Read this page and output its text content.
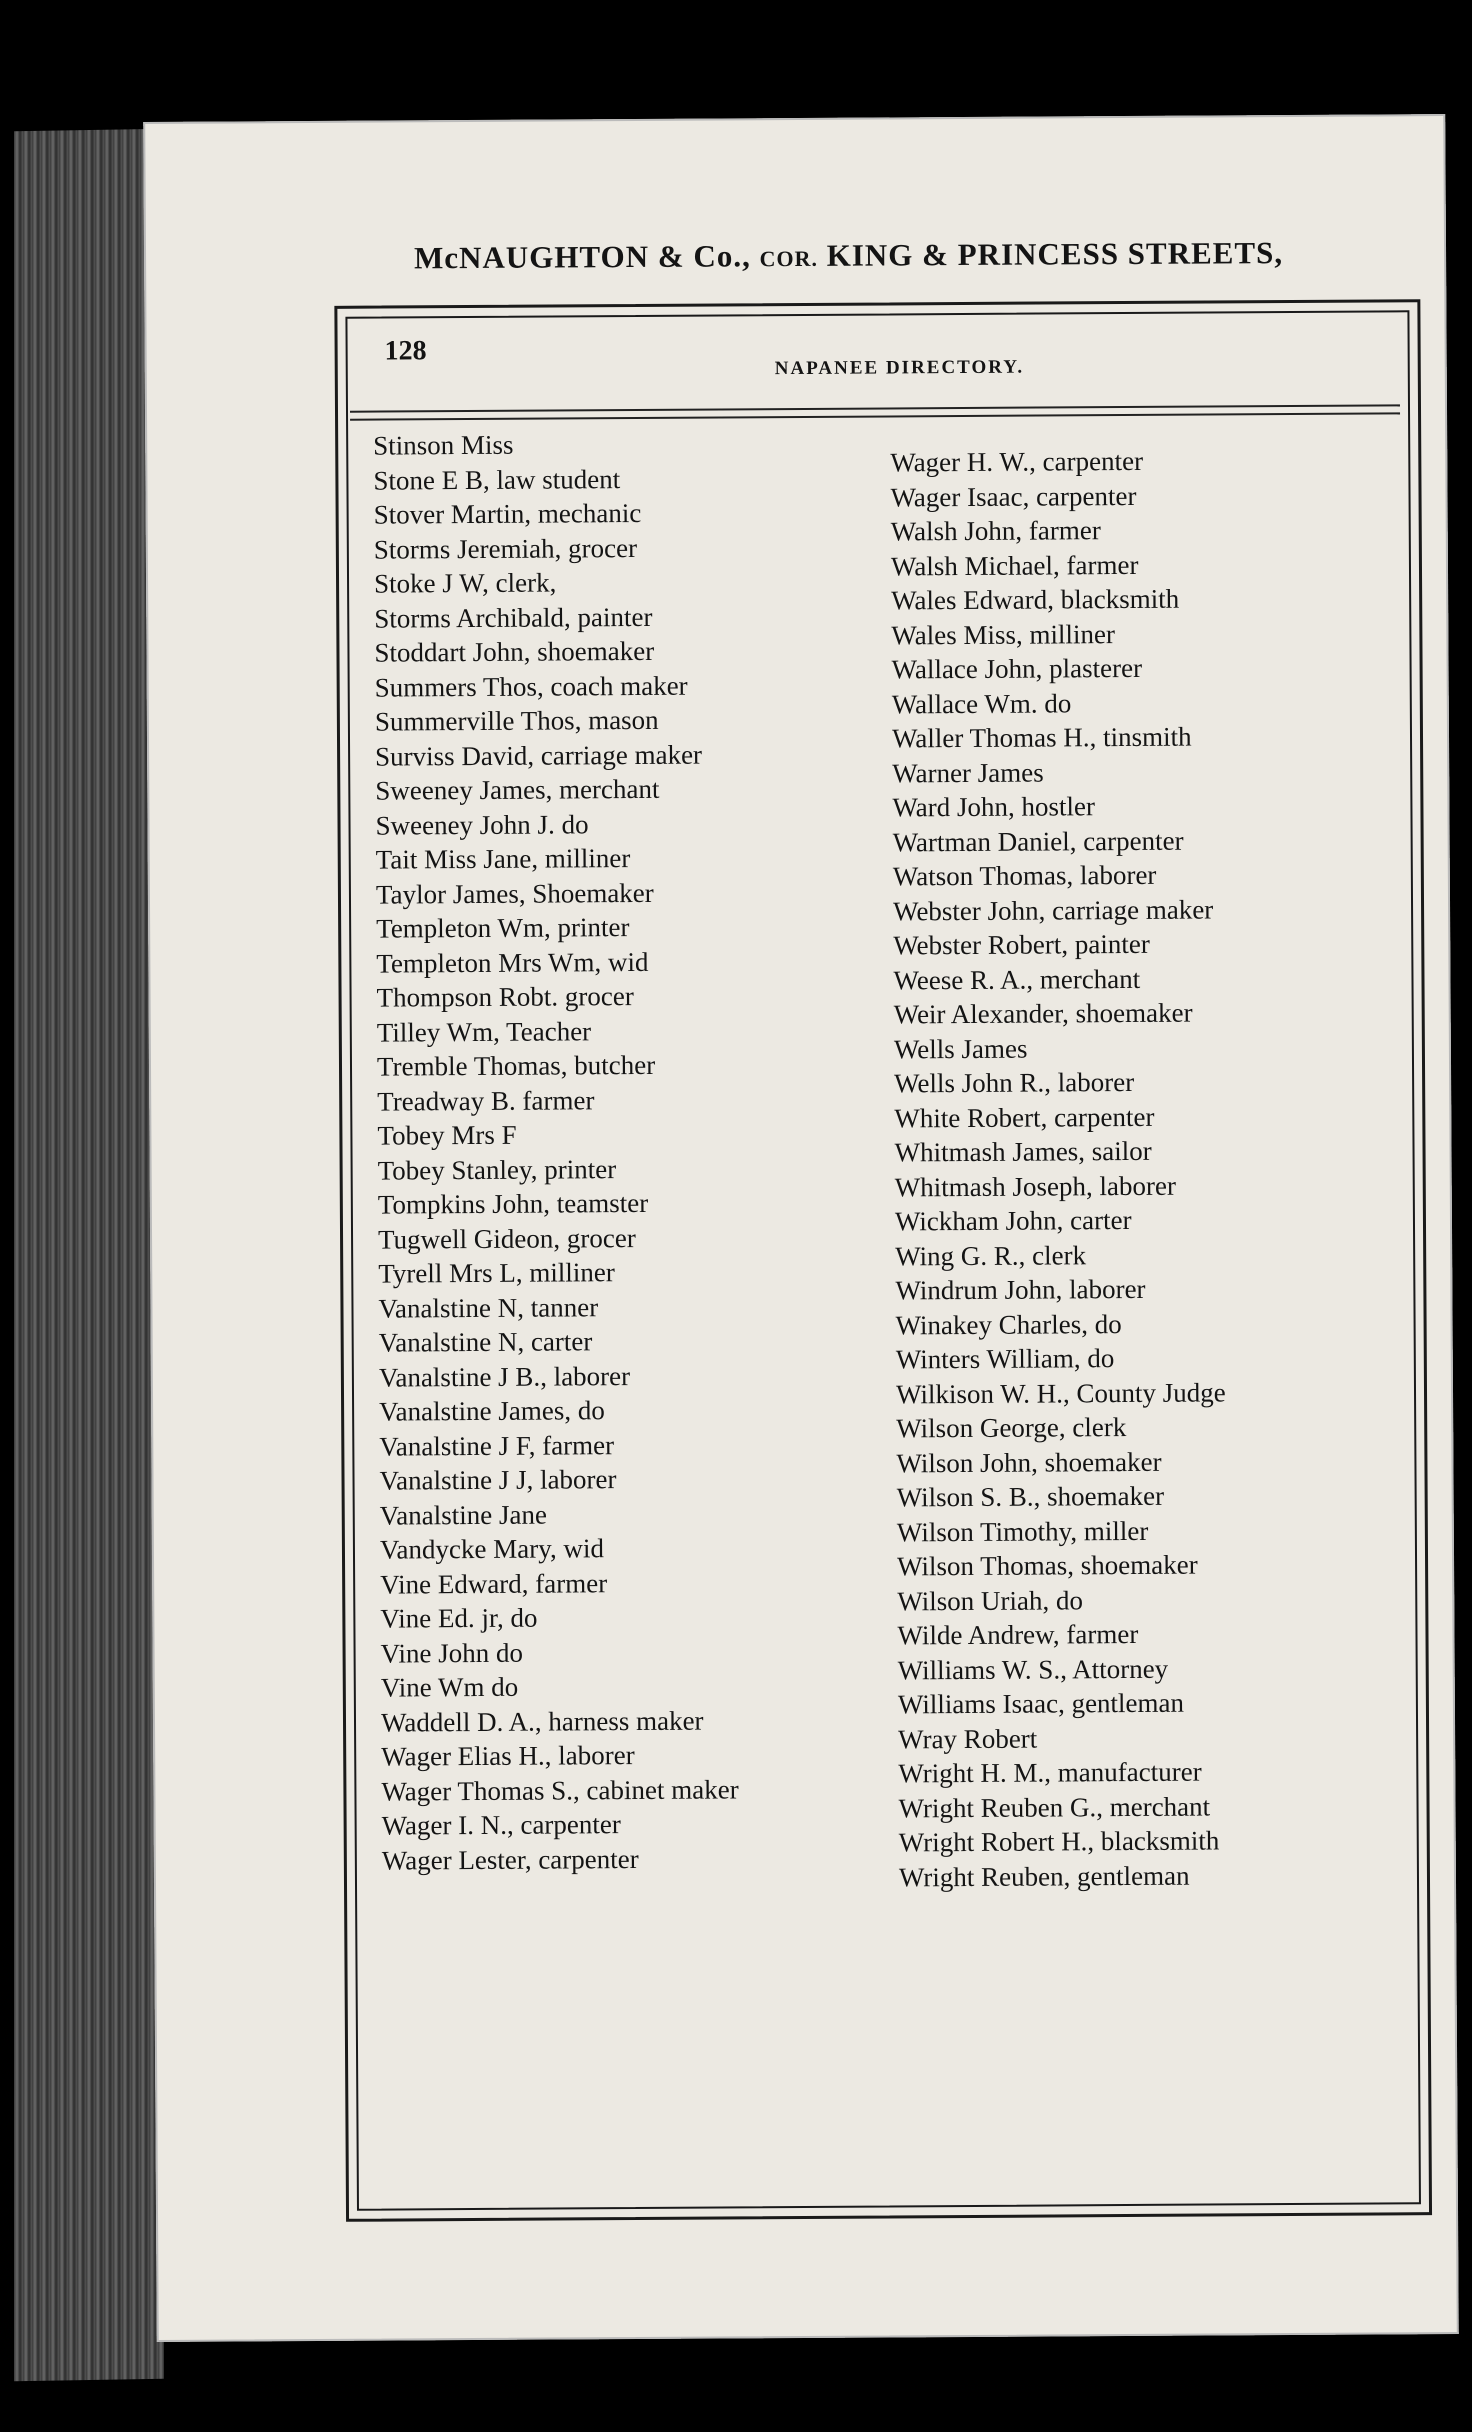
McNAUGHTON & Co., COR. KING & PRINCESS STREETS,
128
NAPANEE DIRECTORY.
Stinson Miss
Stone E B, law student
Stover Martin, mechanic
Storms Jeremiah, grocer
Stoke J W, clerk,
Storms Archibald, painter
Stoddart John, shoemaker
Summers Thos, coach maker
Summerville Thos, mason
Surviss David, carriage maker
Sweeney James, merchant
Sweeney John J. do
Tait Miss Jane, milliner
Taylor James, Shoemaker
Templeton Wm, printer
Templeton Mrs Wm, wid
Thompson Robt. grocer
Tilley Wm, Teacher
Tremble Thomas, butcher
Treadway B. farmer
Tobey Mrs F
Tobey Stanley, printer
Tompkins John, teamster
Tugwell Gideon, grocer
Tyrell Mrs L, milliner
Vanalstine N, tanner
Vanalstine N, carter
Vanalstine J B., laborer
Vanalstine James, do
Vanalstine J F, farmer
Vanalstine J J, laborer
Vanalstine Jane
Vandycke Mary, wid
Vine Edward, farmer
Vine Ed. jr, do
Vine John do
Vine Wm do
Waddell D. A., harness maker
Wager Elias H., laborer
Wager Thomas S., cabinet maker
Wager I. N., carpenter
Wager Lester, carpenter
Wager H. W., carpenter
Wager Isaac, carpenter
Walsh John, farmer
Walsh Michael, farmer
Wales Edward, blacksmith
Wales Miss, milliner
Wallace John, plasterer
Wallace Wm. do
Waller Thomas H., tinsmith
Warner James
Ward John, hostler
Wartman Daniel, carpenter
Watson Thomas, laborer
Webster John, carriage maker
Webster Robert, painter
Weese R. A., merchant
Weir Alexander, shoemaker
Wells James
Wells John R., laborer
White Robert, carpenter
Whitmash James, sailor
Whitmash Joseph, laborer
Wickham John, carter
Wing G. R., clerk
Windrum John, laborer
Winakey Charles, do
Winters William, do
Wilkison W. H., County Judge
Wilson George, clerk
Wilson John, shoemaker
Wilson S. B., shoemaker
Wilson Timothy, miller
Wilson Thomas, shoemaker
Wilson Uriah, do
Wilde Andrew, farmer
Williams W. S., Attorney
Williams Isaac, gentleman
Wray Robert
Wright H. M., manufacturer
Wright Reuben G., merchant
Wright Robert H., blacksmith
Wright Reuben, gentleman
